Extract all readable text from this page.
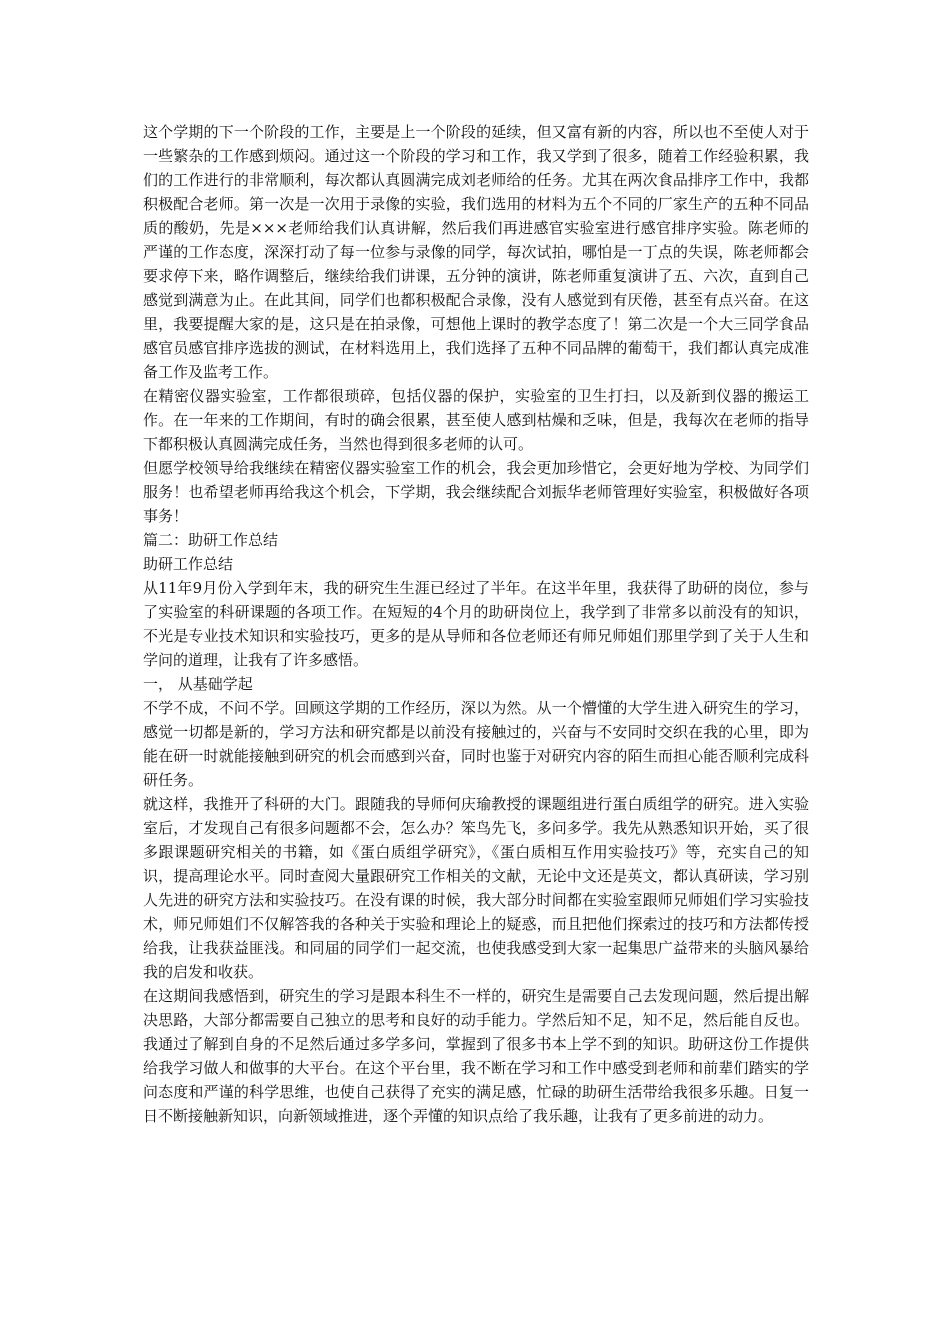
这个学期的下一个阶段的工作，主要是上一个阶段的延续，但又富有新的内容，所以也不至使人对于一些繁杂的工作感到烦闷。通过这一个阶段的学习和工作，我又学到了很多，随着工作经验积累，我们的工作进行的非常顺利，每次都认真圆满完成刘老师给的任务。尤其在两次食品排序工作中，我都积极配合老师。第一次是一次用于录像的实验，我们选用的材料为五个不同的厂家生产的五种不同品质的酸奶，先是×××老师给我们认真讲解，然后我们再进感官实验室进行感官排序实验。陈老师的严谨的工作态度，深深打动了每一位参与录像的同学，每次试拍，哪怕是一丁点的失误，陈老师都会要求停下来，略作调整后，继续给我们讲课，五分钟的演讲，陈老师重复演讲了五、六次，直到自己感觉到满意为止。在此其间，同学们也都积极配合录像，没有人感觉到有厌倦，甚至有点兴奋。在这里，我要提醒大家的是，这只是在拍录像，可想他上课时的教学态度了！第二次是一个大三同学食品感官员感官排序选拔的测试，在材料选用上，我们选择了五种不同品牌的葡萄干，我们都认真完成准备工作及监考工作。

在精密仪器实验室，工作都很琐碎，包括仪器的保护，实验室的卫生打扫，以及新到仪器的搬运工作。在一年来的工作期间，有时的确会很累，甚至使人感到枯燥和乏味，但是，我每次在老师的指导下都积极认真圆满完成任务，当然也得到很多老师的认可。

但愿学校领导给我继续在精密仪器实验室工作的机会，我会更加珍惜它，会更好地为学校、为同学们服务！也希望老师再给我这个机会，下学期，我会继续配合刘振华老师管理好实验室，积极做好各项事务！

篇二：助研工作总结

助研工作总结

从11年9月份入学到年末，我的研究生生涯已经过了半年。在这半年里，我获得了助研的岗位，参与了实验室的科研课题的各项工作。在短短的4个月的助研岗位上，我学到了非常多以前没有的知识，不光是专业技术知识和实验技巧，更多的是从导师和各位老师还有师兄师姐们那里学到了关于人生和学问的道理，让我有了许多感悟。

一， 从基础学起

不学不成，不问不学。回顾这学期的工作经历，深以为然。从一个懵懂的大学生进入研究生的学习，感觉一切都是新的，学习方法和研究都是以前没有接触过的，兴奋与不安同时交织在我的心里，即为能在研一时就能接触到研究的机会而感到兴奋，同时也鉴于对研究内容的陌生而担心能否顺利完成科研任务。

就这样，我推开了科研的大门。跟随我的导师何庆瑜教授的课题组进行蛋白质组学的研究。进入实验室后，才发现自己有很多问题都不会，怎么办？笨鸟先飞，多问多学。我先从熟悉知识开始，买了很多跟课题研究相关的书籍，如《蛋白质组学研究》，《蛋白质相互作用实验技巧》等，充实自己的知识，提高理论水平。同时查阅大量跟研究工作相关的文献，无论中文还是英文，都认真研读，学习别人先进的研究方法和实验技巧。在没有课的时候，我大部分时间都在实验室跟师兄师姐们学习实验技术，师兄师姐们不仅解答我的各种关于实验和理论上的疑惑，而且把他们探索过的技巧和方法都传授给我，让我获益匪浅。和同届的同学们一起交流，也使我感受到大家一起集思广益带来的头脑风暴给我的启发和收获。

在这期间我感悟到，研究生的学习是跟本科生不一样的，研究生是需要自己去发现问题，然后提出解决思路，大部分都需要自己独立的思考和良好的动手能力。学然后知不足，知不足，然后能自反也。我通过了解到自身的不足然后通过多学多问，掌握到了很多书本上学不到的知识。助研这份工作提供给我学习做人和做事的大平台。在这个平台里，我不断在学习和工作中感受到老师和前辈们踏实的学问态度和严谨的科学思维，也使自己获得了充实的满足感，忙碌的助研生活带给我很多乐趣。日复一日不断接触新知识，向新领域推进，逐个弄懂的知识点给了我乐趣，让我有了更多前进的动力。
